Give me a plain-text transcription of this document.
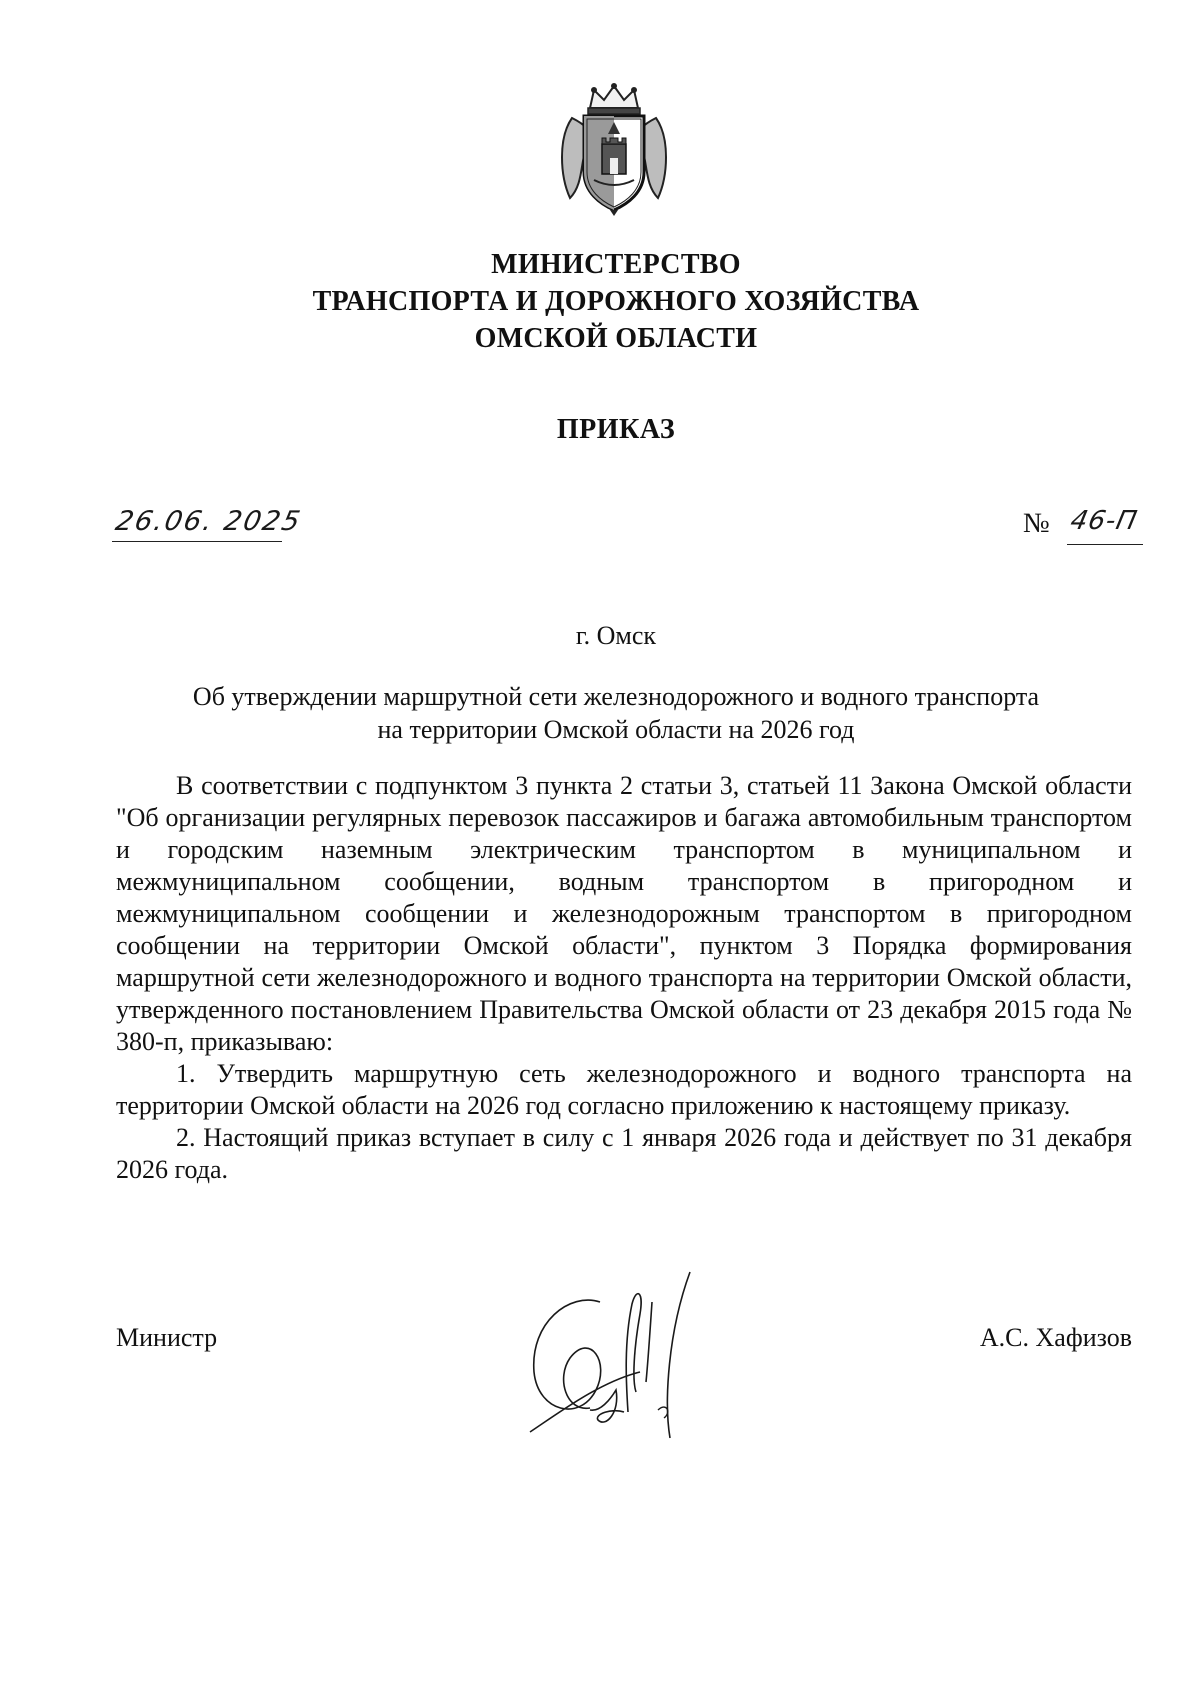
МИНИСТЕРСТВО
ТРАНСПОРТА И ДОРОЖНОГО ХОЗЯЙСТВА
ОМСКОЙ ОБЛАСТИ
ПРИКАЗ
26.06. 2025	№ 46-П
г. Омск
Об утверждении маршрутной сети железнодорожного и водного транспорта
на территории Омской области на 2026 год

В соответствии с подпунктом 3 пункта 2 статьи 3, статьей 11 Закона Омской области "Об организации регулярных перевозок пассажиров и багажа автомобильным транспортом и городским наземным электрическим транспортом в муниципальном и межмуниципальном сообщении, водным транспортом в пригородном и межмуниципальном сообщении и железнодорожным транспортом в пригородном сообщении на территории Омской области", пунктом 3 Порядка формирования маршрутной сети железнодорожного и водного транспорта на территории Омской области, утвержденного постановлением Правительства Омской области от 23 декабря 2015 года № 380-п, приказываю:

1. Утвердить маршрутную сеть железнодорожного и водного транспорта на территории Омской области на 2026 год согласно приложению к настоящему приказу.

2. Настоящий приказ вступает в силу с 1 января 2026 года и действует по 31 декабря 2026 года.

Министр	А.С. Хафизов
